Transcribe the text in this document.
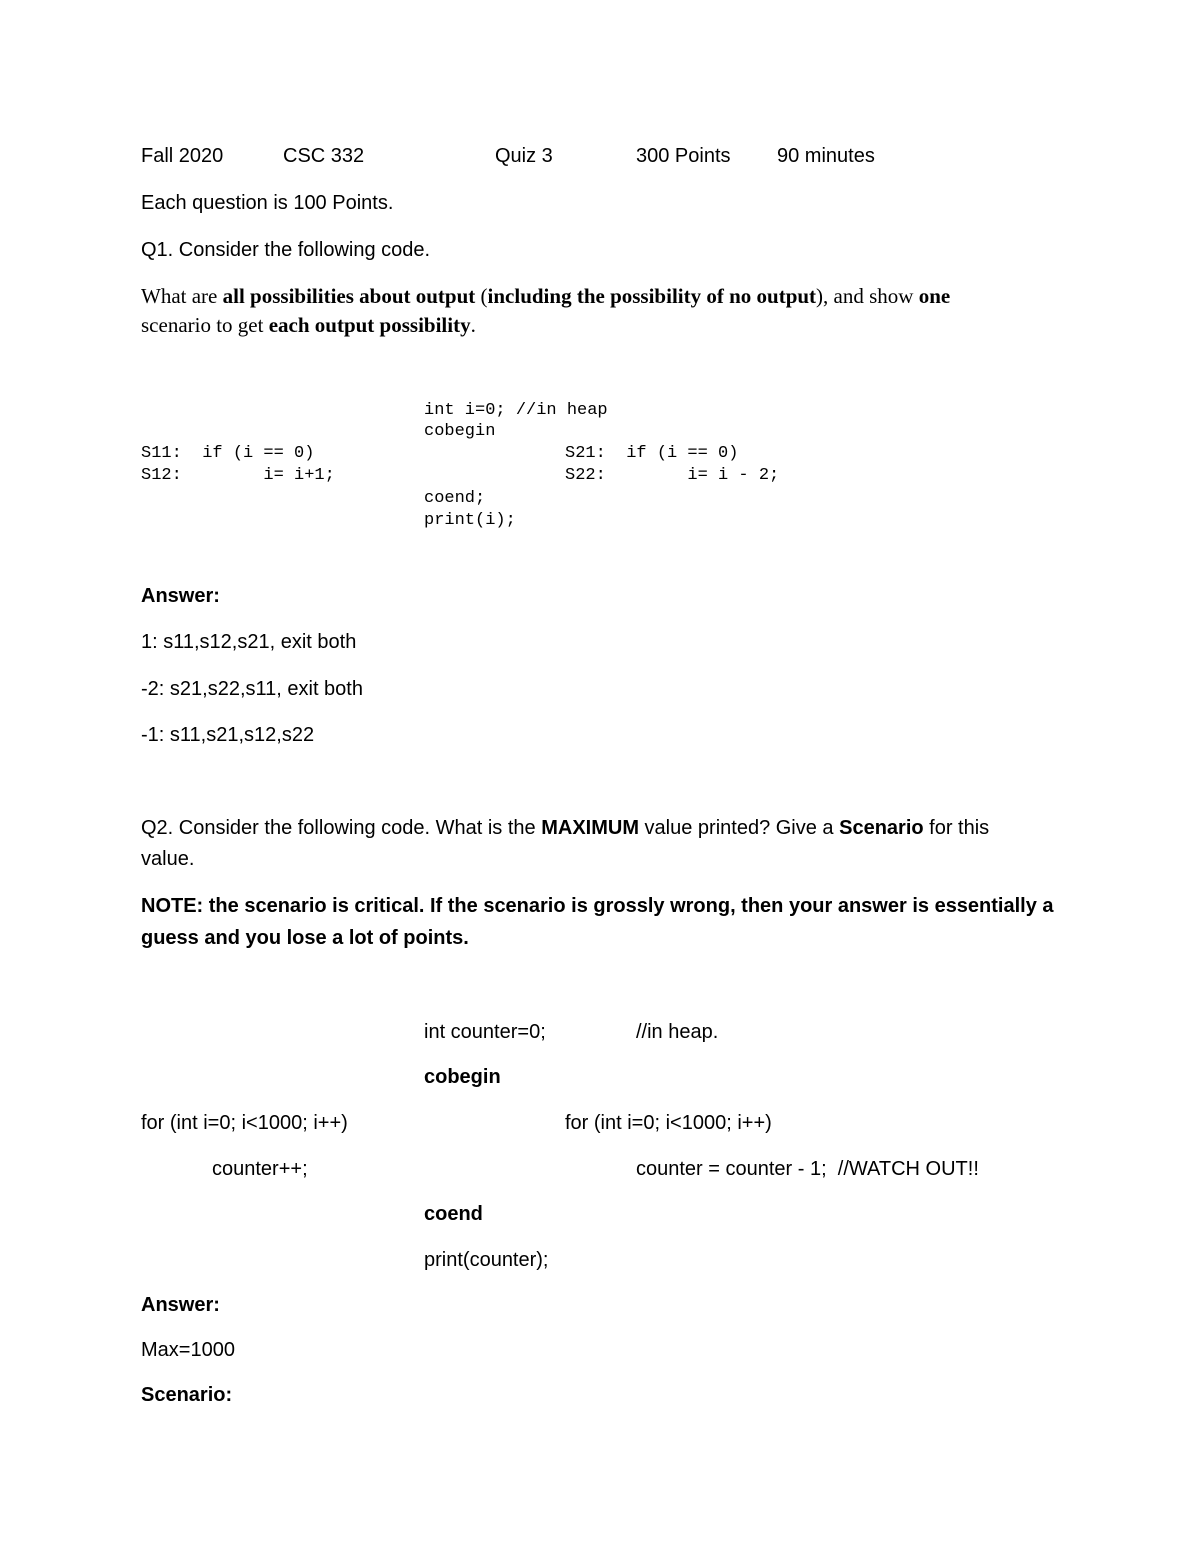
Fall 2020	CSC 332	Quiz 3	300 Points 90 minutes
Each question is 100 Points.
Q1. Consider the following code.
What are all possibilities about output (including the possibility of no output), and show one
scenario to get each output possibility.
int i=0; //in heap
cobegin
S11:  if (i == 0)	S21:  if (i == 0)
S12:        i= i+1;	S22:        i= i - 2;
coend;
print(i);
Answer:
1: s11,s12,s21, exit both
-2: s21,s22,s11, exit both
-1: s11,s21,s12,s22
Q2. Consider the following code. What is the MAXIMUM value printed? Give a Scenario for this
value.
NOTE: the scenario is critical. If the scenario is grossly wrong, then your answer is essentially a
guess and you lose a lot of points.
int counter=0;	//in heap.
cobegin
for (int i=0; i<1000; i++)	for (int i=0; i<1000; i++)
counter++;	counter = counter - 1;  //WATCH OUT!!
coend
print(counter);
Answer:
Max=1000
Scenario:
